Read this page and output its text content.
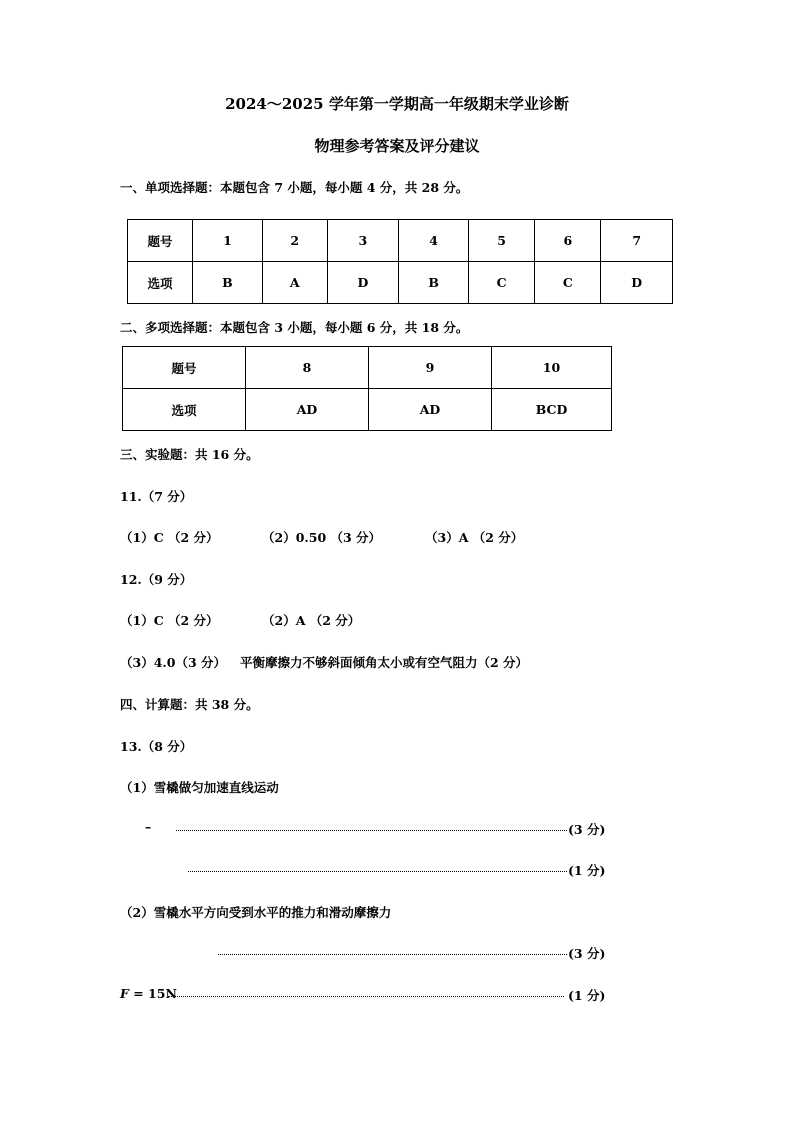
2024～2025 学年第一学期高一年级期末学业诊断
物理参考答案及评分建议
一、单项选择题：本题包含 7 小题，每小题 4 分，共 28 分。
题号	1	2	3	4	5	6	7
选项	B	A	D	B	C	C	D
二、多项选择题：本题包含 3 小题，每小题 6 分，共 18 分。
题号	8	9	10
选项	AD	AD	BCD
三、实验题：共 16 分。
11.（7 分）
（1）C （2 分）	（2）0.50 （3 分）	（3）A （2 分）
12.（9 分）
（1）C （2 分）	（2）A （2 分）
（3）4.0（3 分） 平衡摩擦力不够斜面倾角太小或有空气阻力（2 分）
四、计算题：共 38 分。
13.（8 分）
（1）雪橇做匀加速直线运动
–	(3 分)
(1 分)
（2）雪橇水平方向受到水平的推力和滑动摩擦力
(3 分)
F = 15N	(1 分)
